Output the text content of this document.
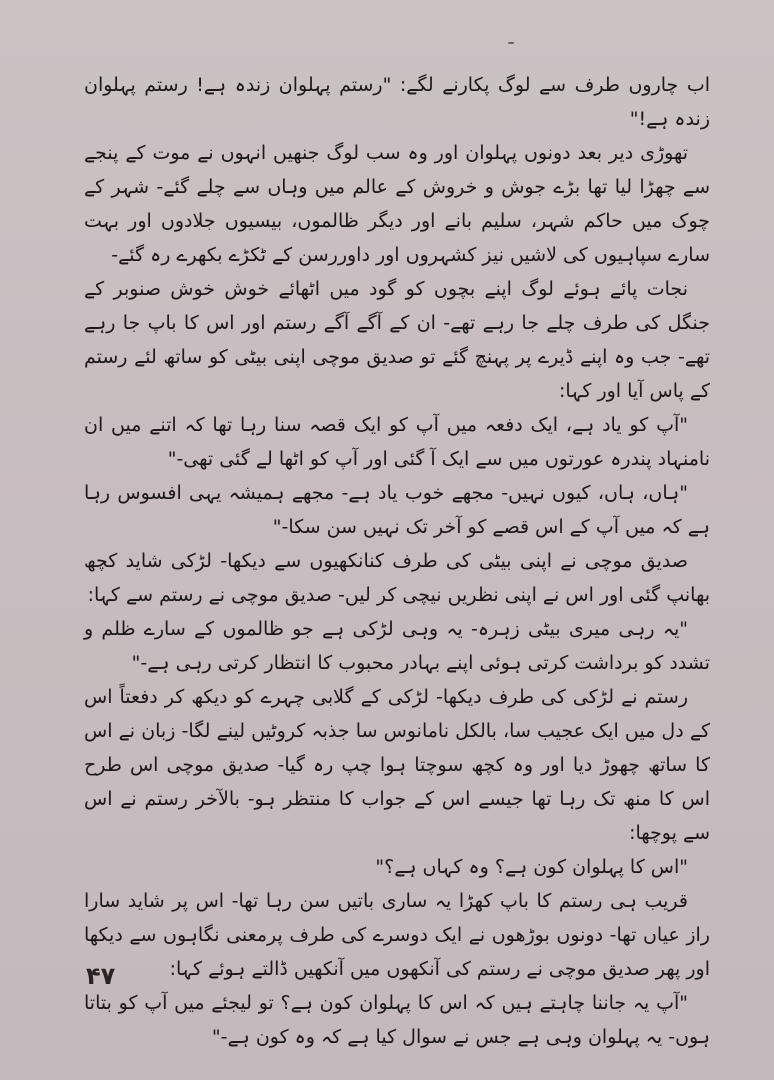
اب چاروں طرف سے لوگ پکارنے لگے: "رستم پہلوان زندہ ہے! رستم پہلوان زندہ ہے!"

تھوڑی دیر بعد دونوں پہلوان اور وہ سب لوگ جنھیں انہوں نے موت کے پنجے سے چھڑا لیا تھا بڑے جوش و خروش کے عالم میں وہاں سے چلے گئے- شہر کے چوک میں حاکم شہر، سلیم بانے اور دیگر ظالموں، بیسیوں جلادوں اور بہت سارے سپاہیوں کی لاشیں نیز کشہروں اور داوررسن کے ٹکڑے بکھرے رہ گئے-

نجات پائے ہوئے لوگ اپنے بچوں کو گود میں اٹھائے خوش خوش صنوبر کے جنگل کی طرف چلے جا رہے تھے- ان کے آگے آگے رستم اور اس کا باپ جا رہے تھے- جب وہ اپنے ڈیرے پر پہنچ گئے تو صدیق موچی اپنی بیٹی کو ساتھ لئے رستم کے پاس آیا اور کہا:

"آپ کو یاد ہے، ایک دفعہ میں آپ کو ایک قصہ سنا رہا تھا کہ اتنے میں ان نامنہاد پندرہ عورتوں میں سے ایک آ گئی اور آپ کو اٹھا لے گئی تھی-"

"ہاں، ہاں، کیوں نہیں- مجھے خوب یاد ہے- مجھے ہمیشہ یہی افسوس رہا ہے کہ میں آپ کے اس قصے کو آخر تک نہیں سن سکا-"

صدیق موچی نے اپنی بیٹی کی طرف کنانکھیوں سے دیکھا- لڑکی شاید کچھ بھانپ گئی اور اس نے اپنی نظریں نیچی کر لیں- صدیق موچی نے رستم سے کہا:

"یہ رہی میری بیٹی زہرہ- یہ وہی لڑکی ہے جو ظالموں کے سارے ظلم و تشدد کو برداشت کرتی ہوئی اپنے بہادر محبوب کا انتظار کرتی رہی ہے-"

رستم نے لڑکی کی طرف دیکھا- لڑکی کے گلابی چہرے کو دیکھ کر دفعتاً اس کے دل میں ایک عجیب سا، بالکل نامانوس سا جذبہ کروٹیں لینے لگا- زبان نے اس کا ساتھ چھوڑ دیا اور وہ کچھ سوچتا ہوا چپ رہ گیا- صدیق موچی اس طرح اس کا منھ تک رہا تھا جیسے اس کے جواب کا منتظر ہو- بالآخر رستم نے اس سے پوچھا:

"اس کا پہلوان کون ہے؟ وہ کہاں ہے؟"

قریب ہی رستم کا باپ کھڑا یہ ساری باتیں سن رہا تھا- اس پر شاید سارا راز عیاں تھا- دونوں بوڑھوں نے ایک دوسرے کی طرف پرمعنی نگاہوں سے دیکھا اور پھر صدیق موچی نے رستم کی آنکھوں میں آنکھیں ڈالتے ہوئے کہا:

"آپ یہ جاننا چاہتے ہیں کہ اس کا پہلوان کون ہے؟ تو لیجئے میں آپ کو بتاتا ہوں- یہ پہلوان وہی ہے جس نے سوال کیا ہے کہ وہ کون ہے-"

۴۷
